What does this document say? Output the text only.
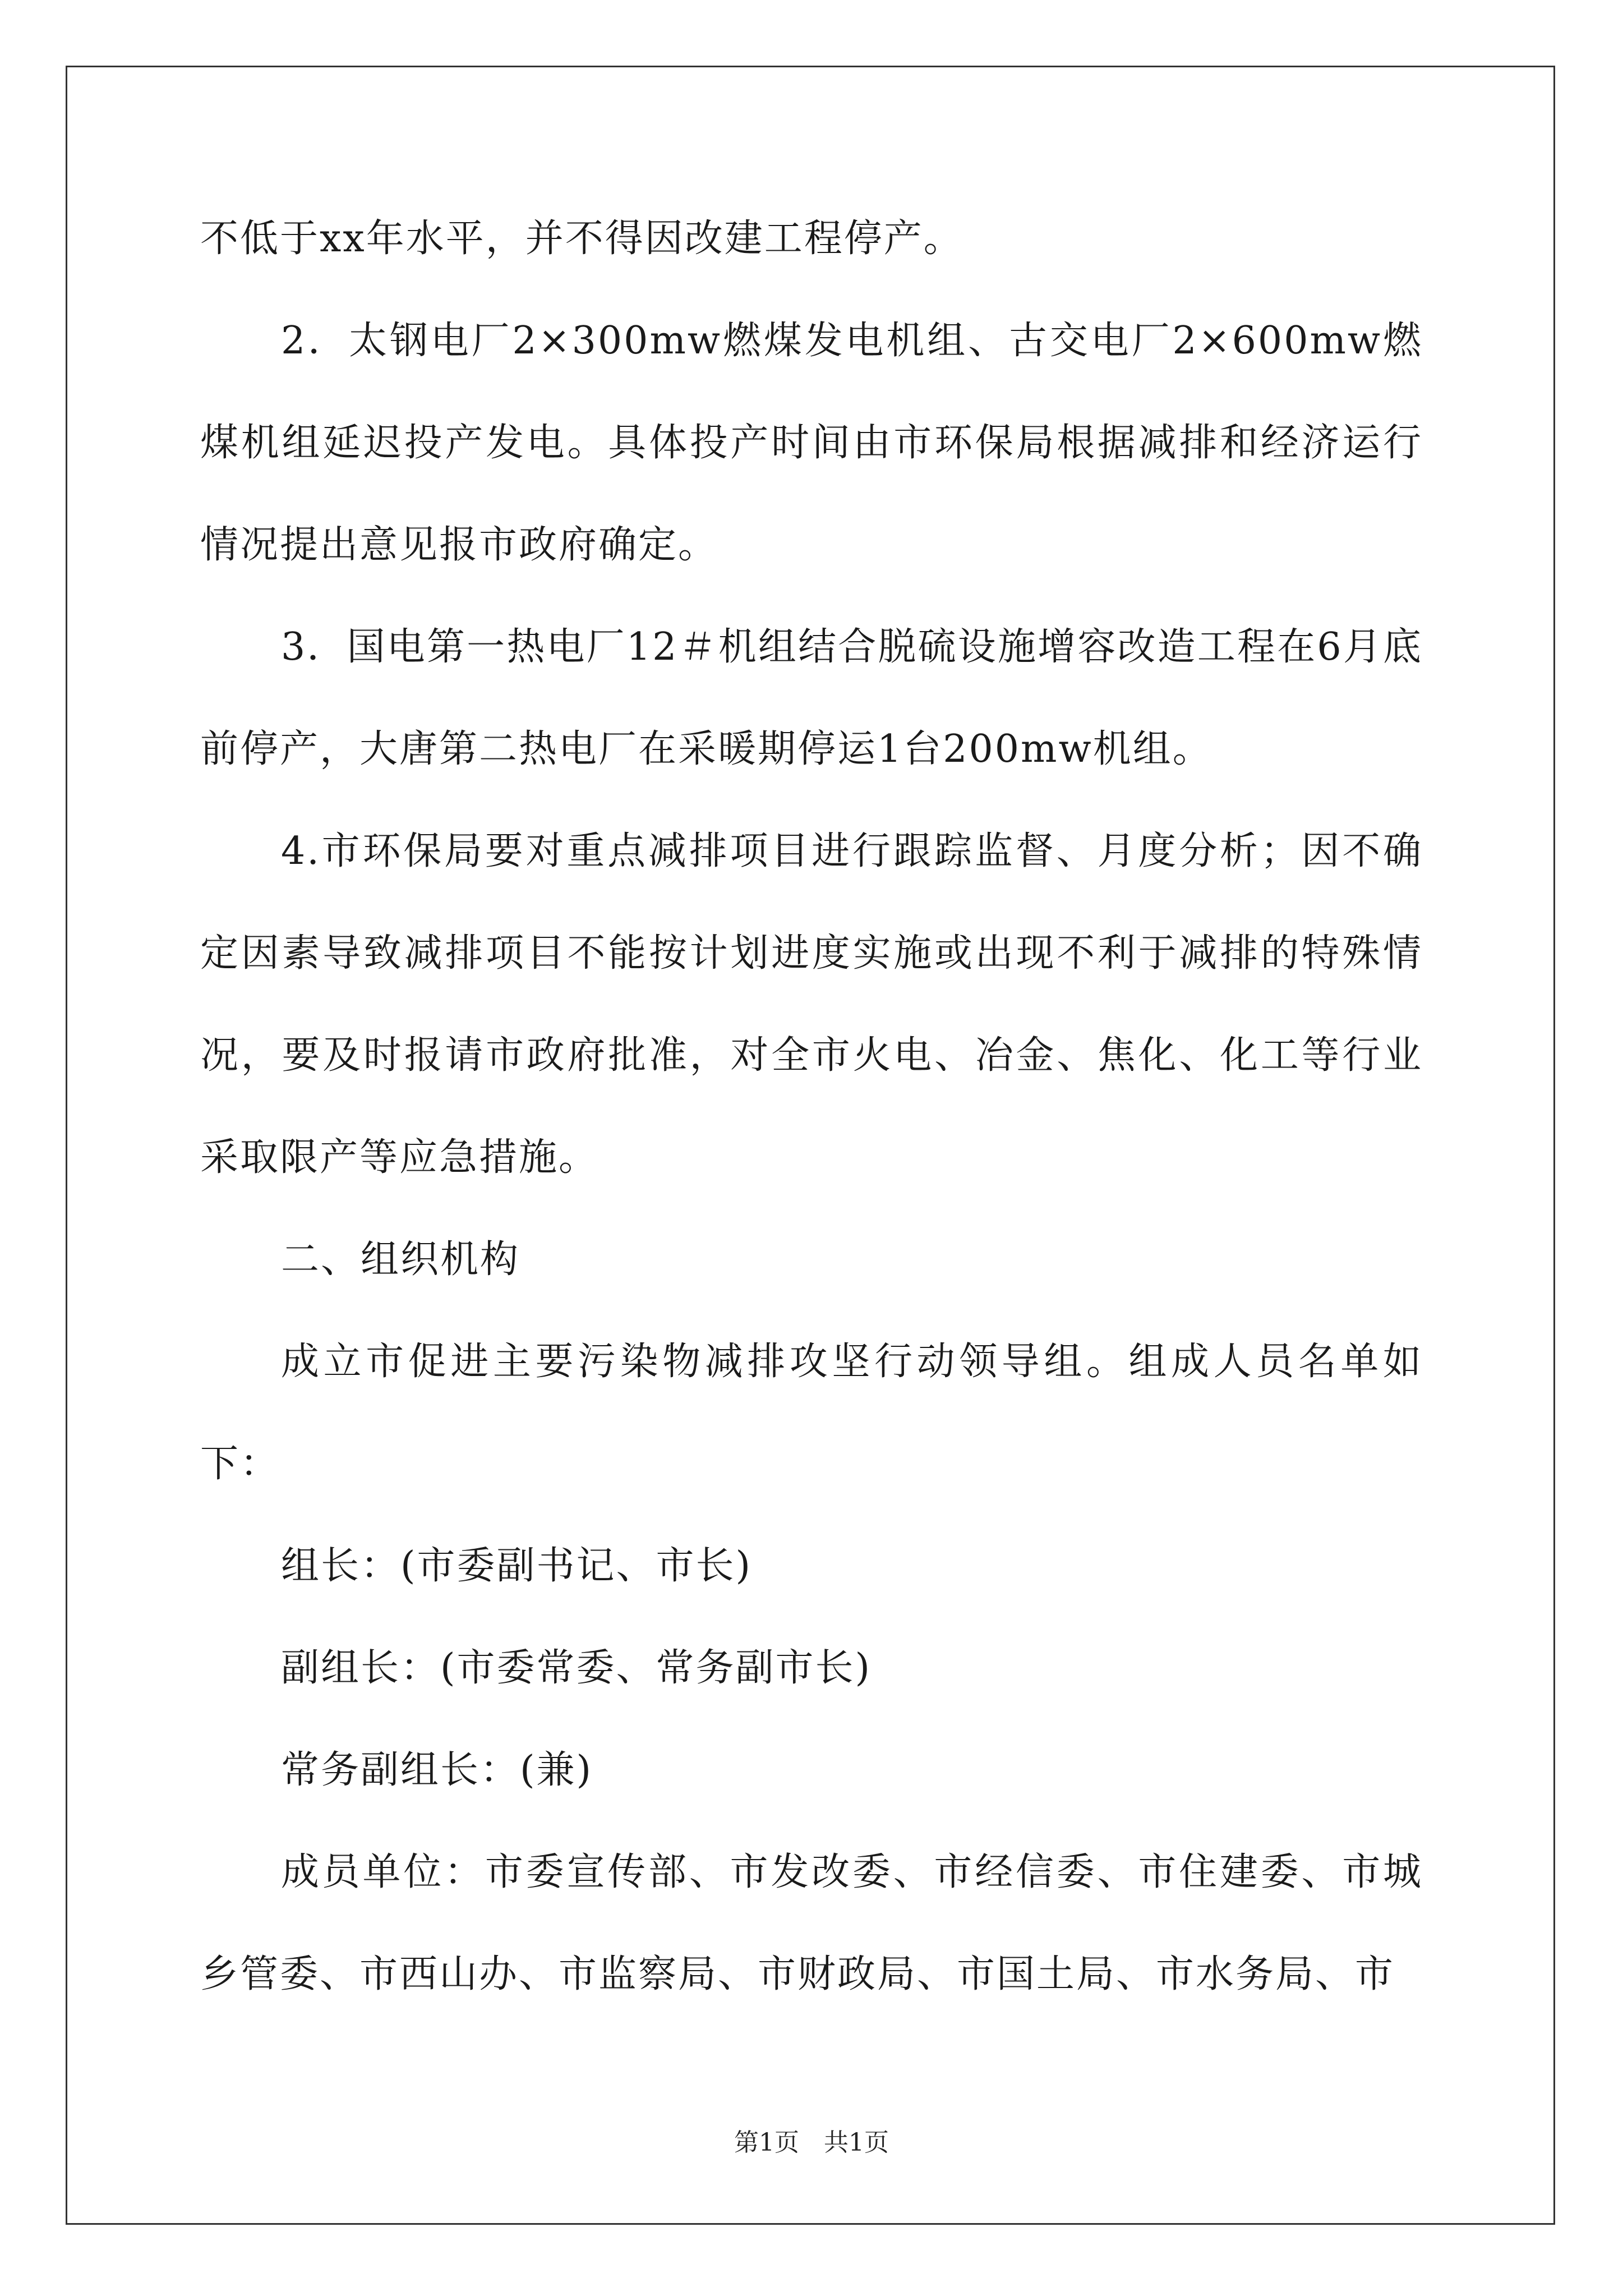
不低于xx年水平，并不得因改建工程停产。

2．太钢电厂2×300mw燃煤发电机组、古交电厂2×600mw燃煤机组延迟投产发电。具体投产时间由市环保局根据减排和经济运行情况提出意见报市政府确定。

3．国电第一热电厂12＃机组结合脱硫设施增容改造工程在6月底前停产，大唐第二热电厂在采暖期停运1台200mw机组。

4.市环保局要对重点减排项目进行跟踪监督、月度分析；因不确定因素导致减排项目不能按计划进度实施或出现不利于减排的特殊情况，要及时报请市政府批准，对全市火电、冶金、焦化、化工等行业采取限产等应急措施。

二、组织机构

成立市促进主要污染物减排攻坚行动领导组。组成人员名单如下：

组长：(市委副书记、市长)

副组长：(市委常委、常务副市长)

常务副组长：(兼)

成员单位：市委宣传部、市发改委、市经信委、市住建委、市城乡管委、市西山办、市监察局、市财政局、市国土局、市水务局、市

第1页　共1页
